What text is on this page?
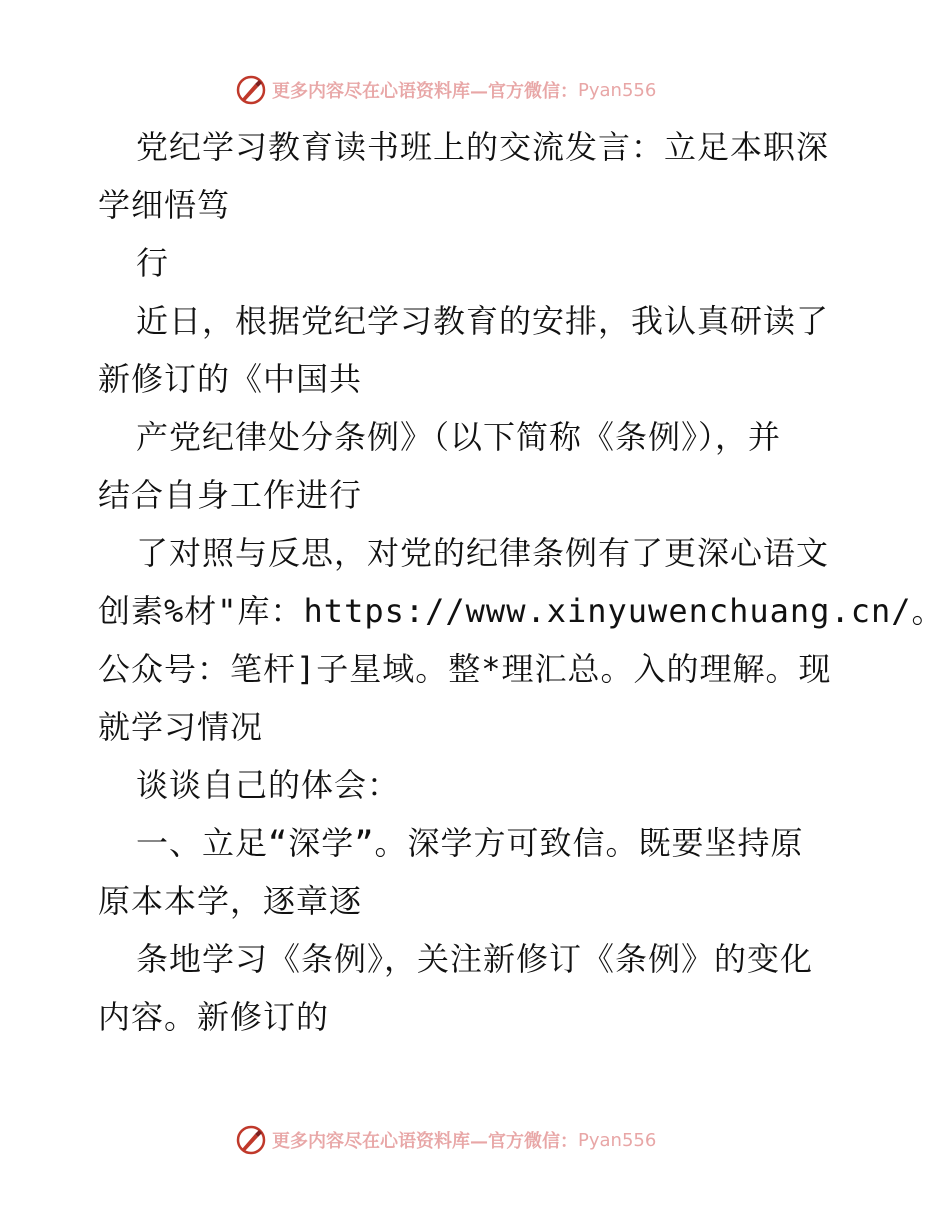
更多内容尽在心语资料库—官方微信： Pyan556
党纪学习教育读书班上的交流发言：立足本职深
学细悟笃
行
近日，根据党纪学习教育的安排，我认真研读了
新修订的《中国共
产党纪律处分条例》（以下简称《条例》），并
结合自身工作进行
了对照与反思，对党的纪律条例有了更深心语文
创素%材"库：https://www.xinyuwenchuang.cn/。
公众号：笔杆]子星域。整*理汇总。入的理解。现
就学习情况
谈谈自己的体会：
一、立足“深学”。深学方可致信。既要坚持原
原本本学，逐章逐
条地学习《条例》，关注新修订《条例》的变化
内容。新修订的
更多内容尽在心语资料库—官方微信： Pyan556
